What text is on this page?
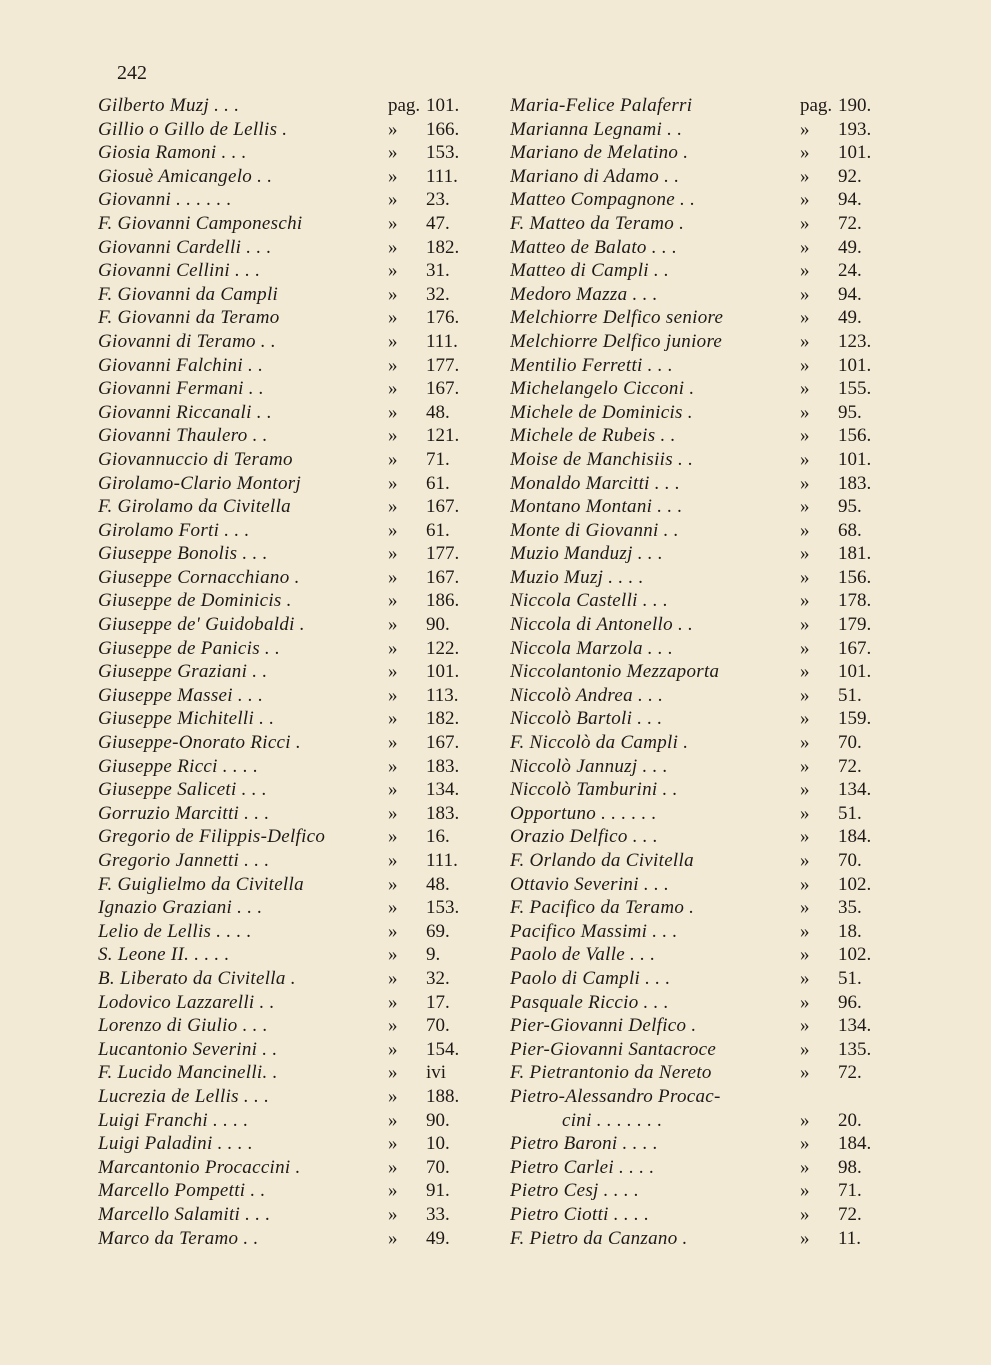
242
Gilberto Muzj . . .	pag. 101.
Gillio o Gillo de Lellis .	»	166.
Giosia Ramoni . . .	»	153.
Giosuè Amicangelo . .	»	111.
Giovanni . . . . . .	»	23.
F. Giovanni Camponeschi	»	47.
Giovanni Cardelli . . .	»	182.
Giovanni Cellini . . .	»	31.
F. Giovanni da Campli	»	32.
F. Giovanni da Teramo	»	176.
Giovanni di Teramo . .	»	111.
Giovanni Falchini . .	»	177.
Giovanni Fermani . .	»	167.
Giovanni Riccanali . .	»	48.
Giovanni Thaulero . .	»	121.
Giovannuccio di Teramo	»	71.
Girolamo-Clario Montorj	»	61.
F. Girolamo da Civitella	»	167.
Girolamo Forti . . .	»	61.
Giuseppe Bonolis . . .	»	177.
Giuseppe Cornacchiano .	»	167.
Giuseppe de Dominicis .	»	186.
Giuseppe de' Guidobaldi .	»	90.
Giuseppe de Panicis . .	»	122.
Giuseppe Graziani . .	»	101.
Giuseppe Massei . . .	»	113.
Giuseppe Michitelli . .	»	182.
Giuseppe-Onorato Ricci .	»	167.
Giuseppe Ricci . . . .	»	183.
Giuseppe Saliceti . . .	»	134.
Gorruzio Marcitti . . .	»	183.
Gregorio de Filippis-Delfico	»	16.
Gregorio Jannetti . . .	»	111.
F. Guiglielmo da Civitella	»	48.
Ignazio Graziani . . .	»	153.
Lelio de Lellis . . . .	»	69.
S. Leone II. . . . .	»	9.
B. Liberato da Civitella .	»	32.
Lodovico Lazzarelli . .	»	17.
Lorenzo di Giulio . . .	»	70.
Lucantonio Severini . .	»	154.
F. Lucido Mancinelli. .	»	ivi
Lucrezia de Lellis . . .	»	188.
Luigi Franchi . . . .	»	90.
Luigi Paladini . . . .	»	10.
Marcantonio Procaccini .	»	70.
Marcello Pompetti . .	»	91.
Marcello Salamiti . . .	»	33.
Marco da Teramo . .	»	49.
Maria-Felice Palaferri	pag. 190.
Marianna Legnami . .	»	193.
Mariano de Melatino .	»	101.
Mariano di Adamo . .	»	92.
Matteo Compagnone . .	»	94.
F. Matteo da Teramo .	»	72.
Matteo de Balato . . .	»	49.
Matteo di Campli . .	»	24.
Medoro Mazza . . .	»	94.
Melchiorre Delfico seniore	»	49.
Melchiorre Delfico juniore	»	123.
Mentilio Ferretti . . .	»	101.
Michelangelo Cicconi .	»	155.
Michele de Dominicis .	»	95.
Michele de Rubeis . .	»	156.
Moise de Manchisiis . .	»	101.
Monaldo Marcitti . . .	»	183.
Montano Montani . . .	»	95.
Monte di Giovanni . .	»	68.
Muzio Manduzj . . .	»	181.
Muzio Muzj . . . .	»	156.
Niccola Castelli . . .	»	178.
Niccola di Antonello . .	»	179.
Niccola Marzola . . .	»	167.
Niccolantonio Mezzaporta	»	101.
Niccolò Andrea . . .	»	51.
Niccolò Bartoli . . .	»	159.
F. Niccolò da Campli .	»	70.
Niccolò Jannuzj . . .	»	72.
Niccolò Tamburini . .	»	134.
Opportuno . . . . . .	»	51.
Orazio Delfico . . .	»	184.
F. Orlando da Civitella	»	70.
Ottavio Severini . . .	»	102.
F. Pacifico da Teramo .	»	35.
Pacifico Massimi . . .	»	18.
Paolo de Valle . . .	»	102.
Paolo di Campli . . .	»	51.
Pasquale Riccio . . .	»	96.
Pier-Giovanni Delfico .	»	134.
Pier-Giovanni Santacroce	»	135.
F. Pietrantonio da Nereto	»	72.
Pietro-Alessandro Procac-
cini . . . . . . .	»	20.
Pietro Baroni . . . .	»	184.
Pietro Carlei . . . .	»	98.
Pietro Cesj . . . .	»	71.
Pietro Ciotti . . . .	»	72.
F. Pietro da Canzano .	»	11.
